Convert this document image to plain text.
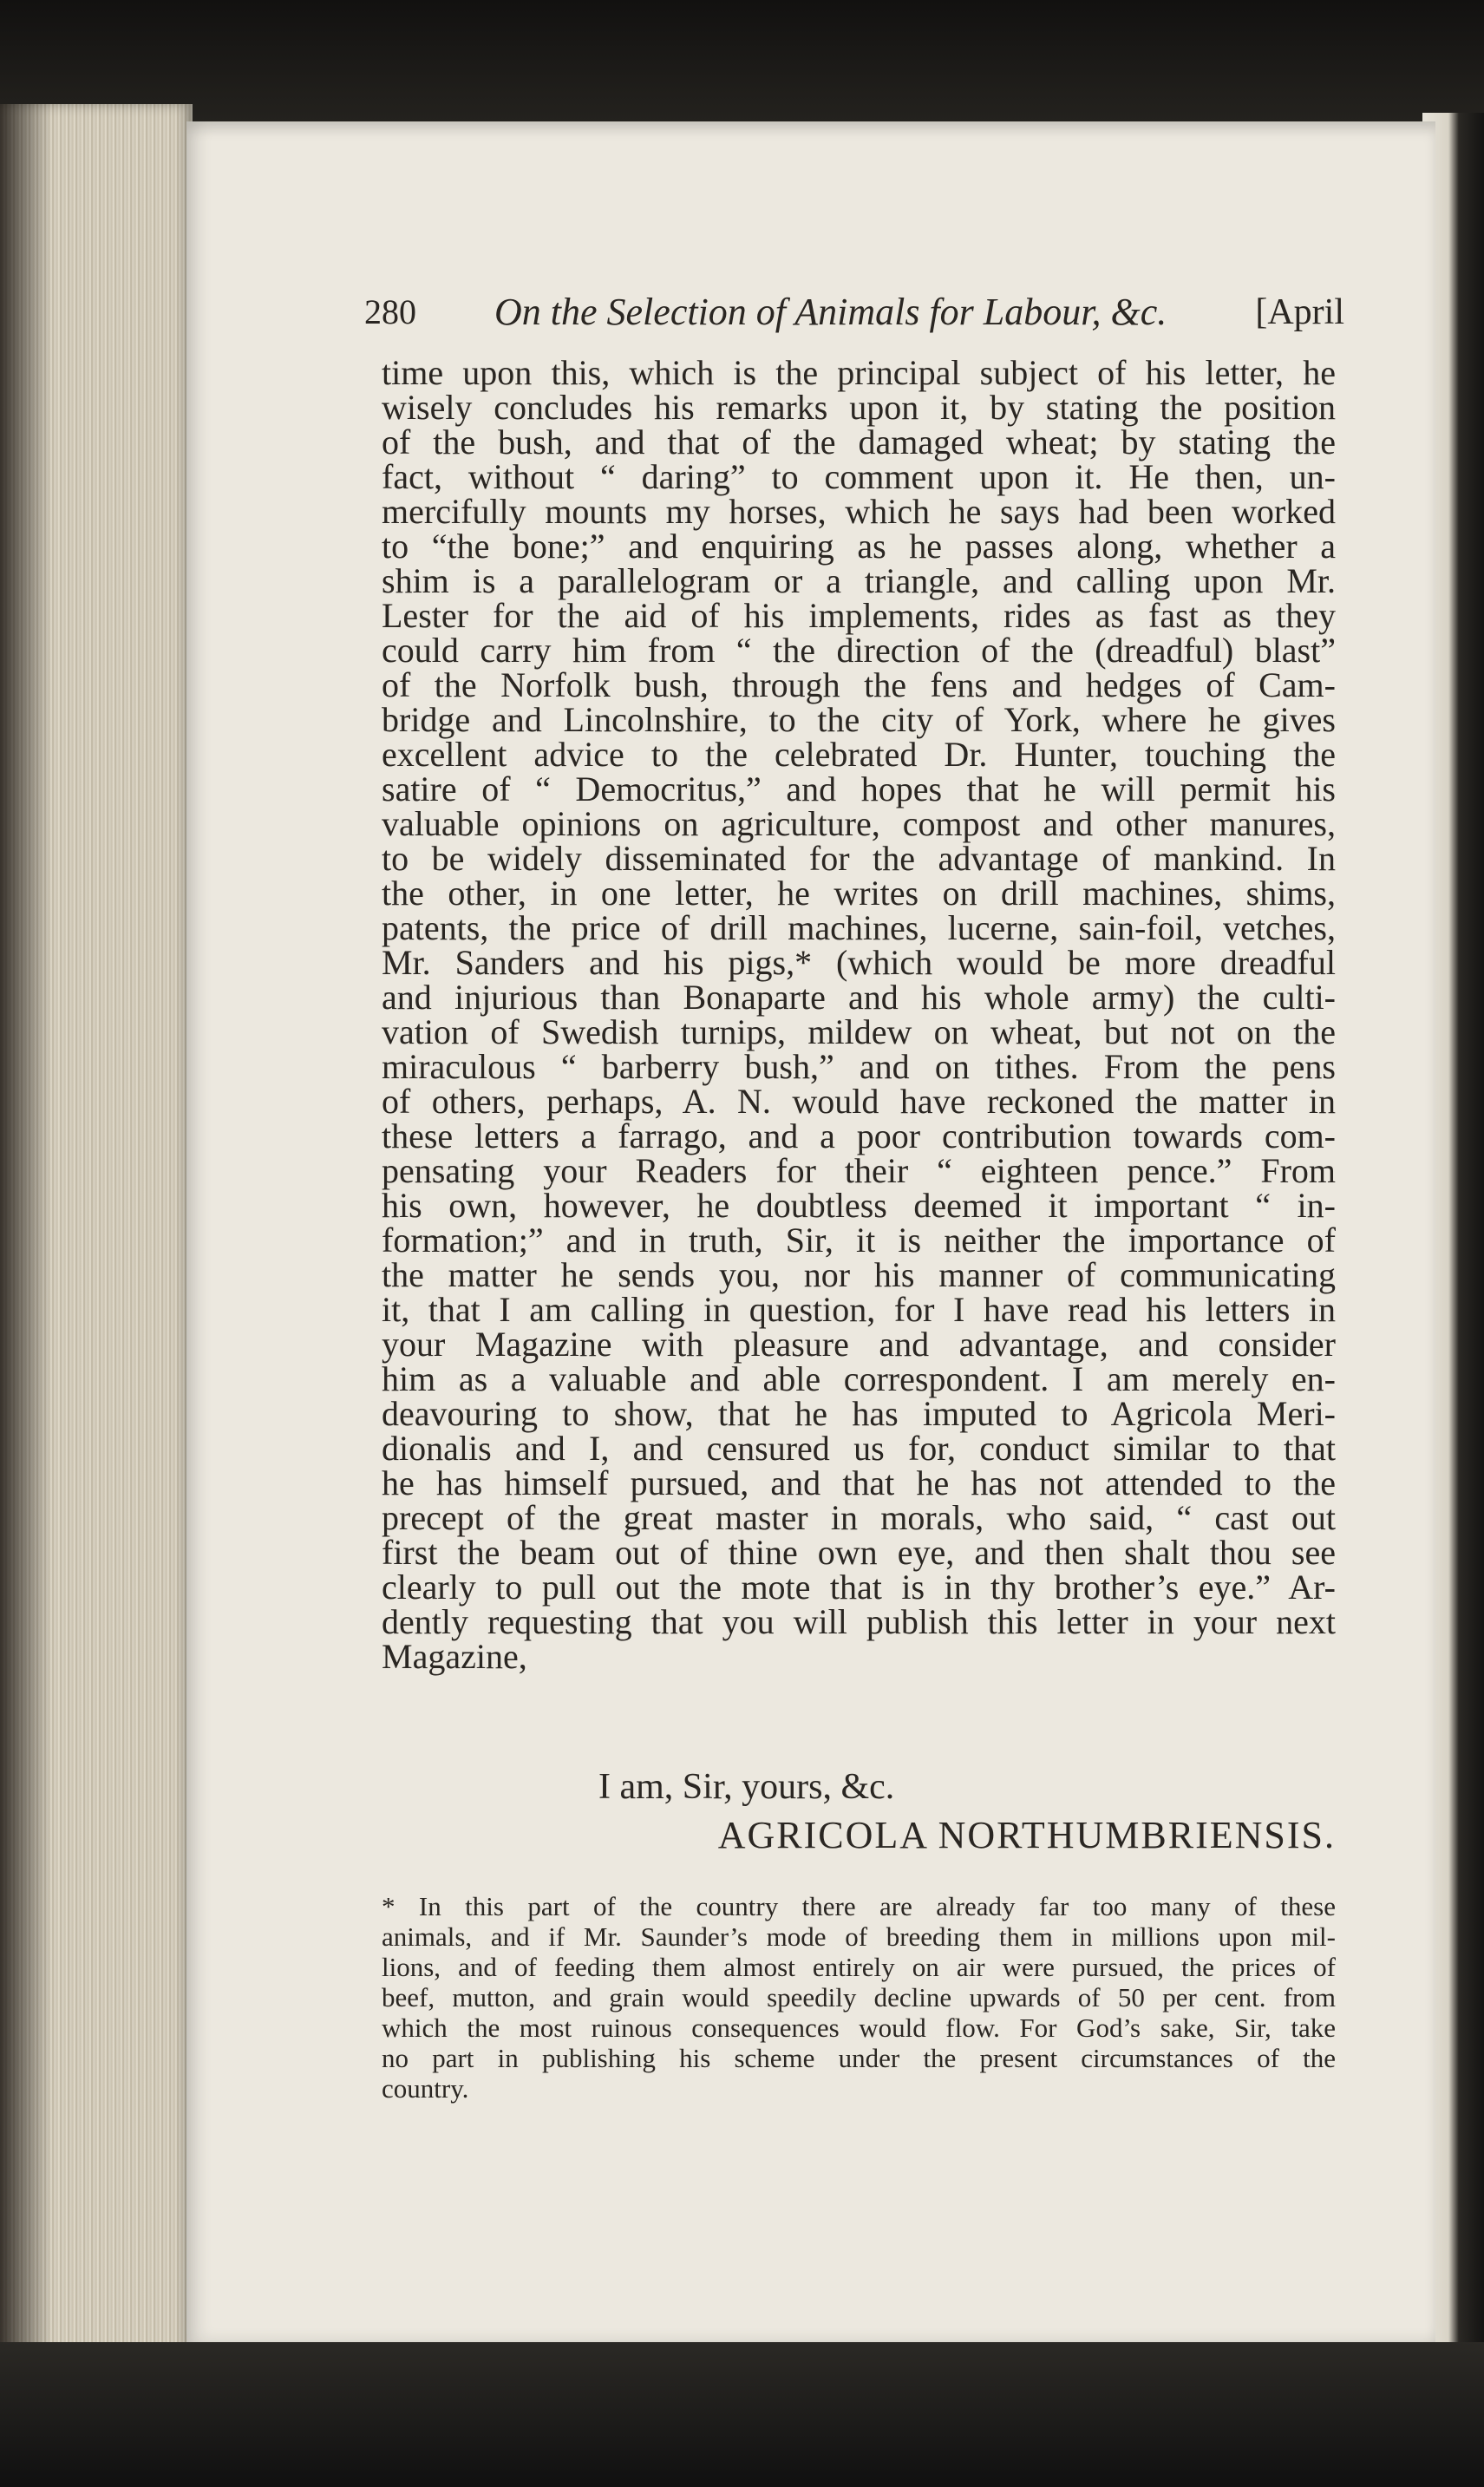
280 On the Selection of Animals for Labour, &c. [April
time upon this, which is the principal subject of his letter, he
wisely concludes his remarks upon it, by stating the position
of the bush, and that of the damaged wheat; by stating the
fact, without “ daring” to comment upon it. He then, un-
mercifully mounts my horses, which he says had been worked
to “the bone;” and enquiring as he passes along, whether a
shim is a parallelogram or a triangle, and calling upon Mr.
Lester for the aid of his implements, rides as fast as they
could carry him from “ the direction of the (dreadful) blast”
of the Norfolk bush, through the fens and hedges of Cam-
bridge and Lincolnshire, to the city of York, where he gives
excellent advice to the celebrated Dr. Hunter, touching the
satire of “ Democritus,” and hopes that he will permit his
valuable opinions on agriculture, compost and other manures,
to be widely disseminated for the advantage of mankind. In
the other, in one letter, he writes on drill machines, shims,
patents, the price of drill machines, lucerne, sain-foil, vetches,
Mr. Sanders and his pigs,* (which would be more dreadful
and injurious than Bonaparte and his whole army) the culti-
vation of Swedish turnips, mildew on wheat, but not on the
miraculous “ barberry bush,” and on tithes. From the pens
of others, perhaps, A. N. would have reckoned the matter in
these letters a farrago, and a poor contribution towards com-
pensating your Readers for their “ eighteen pence.” From
his own, however, he doubtless deemed it important “ in-
formation;” and in truth, Sir, it is neither the importance of
the matter he sends you, nor his manner of communicating
it, that I am calling in question, for I have read his letters in
your Magazine with pleasure and advantage, and consider
him as a valuable and able correspondent. I am merely en-
deavouring to show, that he has imputed to Agricola Meri-
dionalis and I, and censured us for, conduct similar to that
he has himself pursued, and that he has not attended to the
precept of the great master in morals, who said, “ cast out
first the beam out of thine own eye, and then shalt thou see
clearly to pull out the mote that is in thy brother’s eye.” Ar-
dently requesting that you will publish this letter in your next
Magazine,
I am, Sir, yours, &c.
AGRICOLA NORTHUMBRIENSIS.
* In this part of the country there are already far too many of these
animals, and if Mr. Saunder’s mode of breeding them in millions upon mil-
lions, and of feeding them almost entirely on air were pursued, the prices of
beef, mutton, and grain would speedily decline upwards of 50 per cent. from
which the most ruinous consequences would flow. For God’s sake, Sir, take
no part in publishing his scheme under the present circumstances of the
country.
